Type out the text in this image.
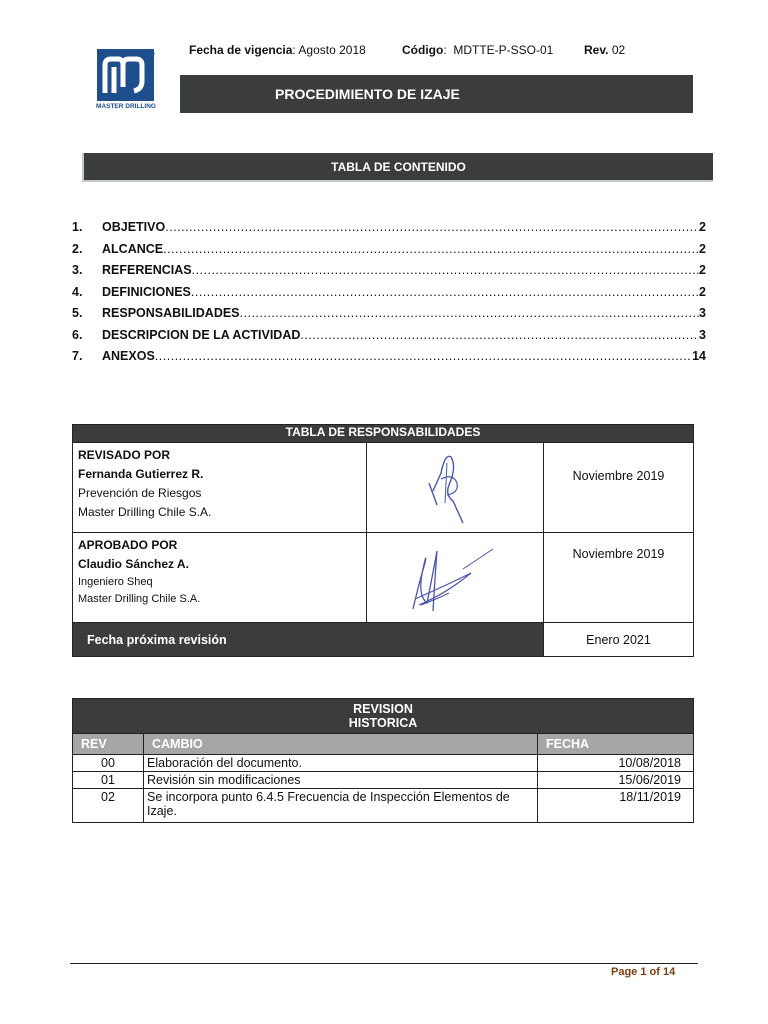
TM
MASTER DRILLING
Fecha de vigencia: Agosto 2018	Código:  MDTTE-P-SSO-01	Rev. 02
PROCEDIMIENTO DE IZAJE
TABLA DE CONTENIDO
1.	OBJETIVO .....	2
2.	ALCANCE .....	2
3.	REFERENCIAS .....	2
4.	DEFINICIONES .....	2
5.	RESPONSABILIDADES .....	3
6.	DESCRIPCION DE LA ACTIVIDAD .....	3
7.	ANEXOS .....	14
TABLA DE RESPONSABILIDADES		

REVISADO POR
Fernanda Gutierrez R.
Prevención de Riesgos
Master Drilling Chile S.A.		Noviembre 2019

APROBADO POR
Claudio Sánchez A.
Ingeniero Sheq
Master Drilling Chile S.A.		Noviembre 2019
Fecha próxima revisión		Enero 2021
REVISION
HISTORICA		

REV	CAMBIO	FECHA
00	Elaboración del documento.	10/08/2018
01	Revisión sin modificaciones	15/06/2019
02	Se incorpora punto 6.4.5 Frecuencia de Inspección Elementos de Izaje.	18/11/2019
Page 1 of 14
